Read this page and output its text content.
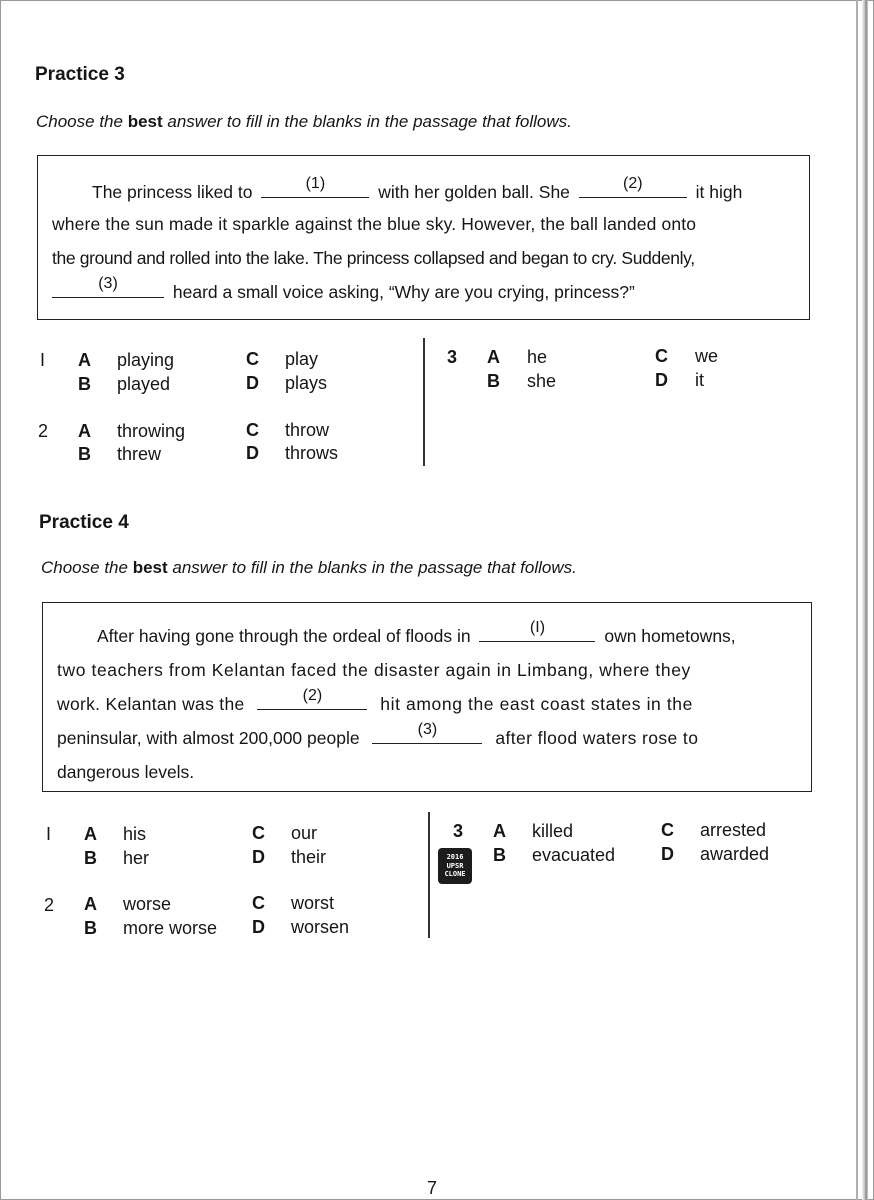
Practice 3

Choose the best answer to fill in the blanks in the passage that follows.

The princess liked to	(1)	with her golden ball. She	(2)	it high
where the sun made it sparkle against the blue sky. However, the ball landed onto
the ground and rolled into the lake. The princess collapsed and began to cry. Suddenly,
(3)	heard a small voice asking, “Why are you crying, princess?”
I A playing
B played
C play
D plays
2 A throwing
B threw
C throw
D throws
3 A he
B she
C we
D it
Practice 4

Choose the best answer to fill in the blanks in the passage that follows.

After having gone through the ordeal of floods in	(I)	own hometowns,
two teachers from Kelantan faced the disaster again in Limbang, where they
work. Kelantan was the	(2)	hit among the east coast states in the
peninsular, with almost 200,000 people	(3)	after flood waters rose to
dangerous levels.
I A his
B her
C our
D their
2 A worse
B more worse
C worst
D worsen
3 A killed
B evacuated
C arrested
D awarded
2016
UPSR
CLONE
7
